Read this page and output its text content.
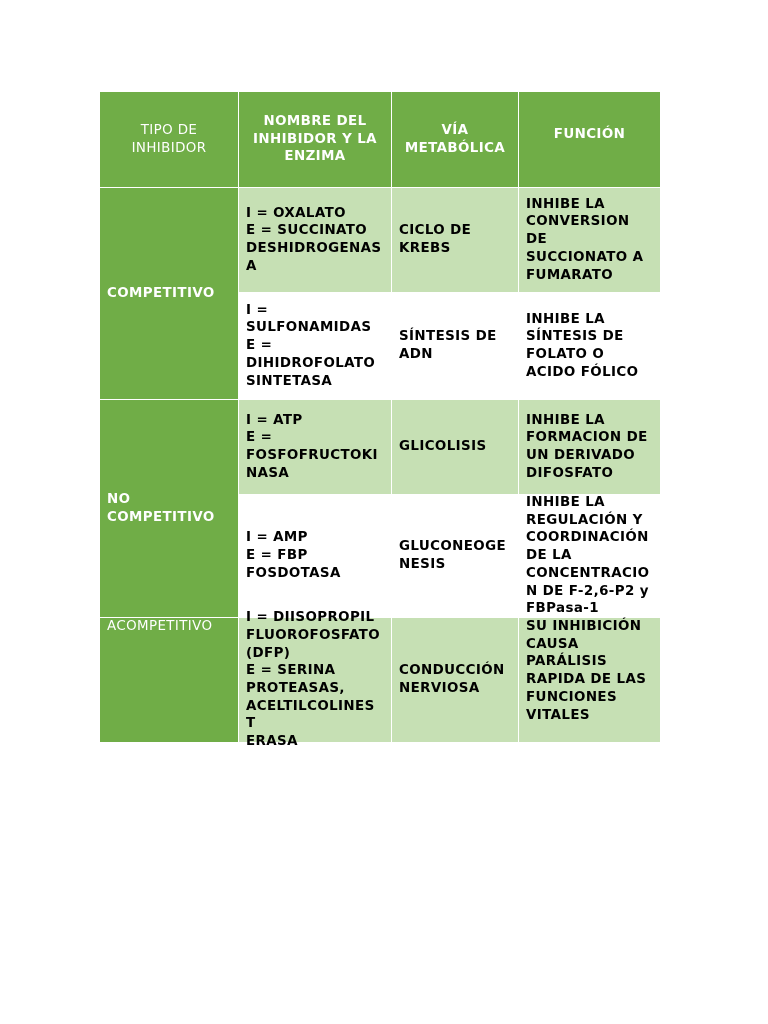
TIPO DE
INHIBIDOR
NOMBRE DEL
INHIBIDOR Y LA
ENZIMA
VÍA
METABÓLICA
FUNCIÓN
COMPETITIVO
NO
COMPETITIVO
ACOMPETITIVO
I = OXALATO
E = SUCCINATO
DESHIDROGENAS
A
CICLO DE
KREBS
INHIBE LA
CONVERSION
DE
SUCCIONATO A
FUMARATO
I =
SULFONAMIDAS
E =
DIHIDROFOLATO
SINTETASA
SÍNTESIS DE
ADN
INHIBE LA
SÍNTESIS DE
FOLATO O
ACIDO FÓLICO
I = ATP
E =
FOSFOFRUCTOKI
NASA
GLICOLISIS
INHIBE LA
FORMACION DE
UN DERIVADO
DIFOSFATO
I = AMP
E = FBP
FOSDOTASA
GLUCONEOGE
NESIS
INHIBE LA
REGULACIÓN Y
COORDINACIÓN
DE LA
CONCENTRACIO
N DE F-2,6-P2 y
FBPasa-1
I = DIISOPROPIL
FLUOROFOSFATO
(DFP)
E = SERINA
PROTEASAS,
ACELTILCOLINEST
ERASA
CONDUCCIÓN
NERVIOSA
SU INHIBICIÓN
CAUSA
PARÁLISIS
RAPIDA DE LAS
FUNCIONES
VITALES
